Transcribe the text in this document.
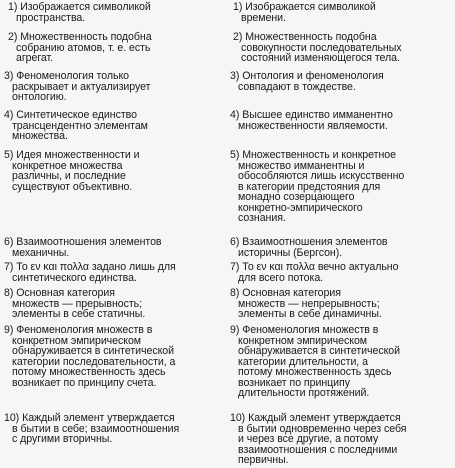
1) Изображается символикой
пространства.
2) Множественность подобна
собранию атомов, т. е. есть
агрегат.
3) Феноменология только
раскрывает и актуализирует
онтологию.
4) Синтетическое единство
трансцендентно элементам
множества.
5) Идея множественности и
конкретное множества
различны, и последние
существуют объективно.
6) Взаимоотношения элементов
механичны.
7) То εν και πολλα задано лишь для
синтетического единства.
8) Основная категория
множеств — прерывность;
элементы в себе статичны.
9) Феноменология множеств в
конкретном эмпирическом
обнаруживается в синтетической
категории последовательности, а
потому множественность здесь
возникает по принципу счета.
10) Каждый элемент утверждается
в бытии в себе; взаимоотношения
с другими вторичны.
1) Изображается символикой
времени.
2) Множественность подобна
совокупности последовательных
состояний изменяющегося тела.
3) Онтология и феноменология
совпадают в тождестве.
4) Высшее единство имманентно
множественности являемости.
5) Множественность и конкретное
множество имманентны и
обособляются лишь искусственно
в категории предстояния для
монадно созерцающего
конкретно-эмпирического
сознания.
6) Взаимоотношения элементов
историчны (Бергсон).
7) То εν και πολλα вечно актуально
для всего потока.
8) Основная категория
множеств — непрерывность;
элементы в себе динамичны.
9) Феноменология множеств в
конкретном эмпирическом
обнаруживается в синтетической
категории длительности, а
потому множественность здесь
возникает по принципу
длительности протяжений.
10) Каждый элемент утверждается
в бытии одновременно через себя
и через все другие, а потому
взаимоотношения с последними
первичны.
